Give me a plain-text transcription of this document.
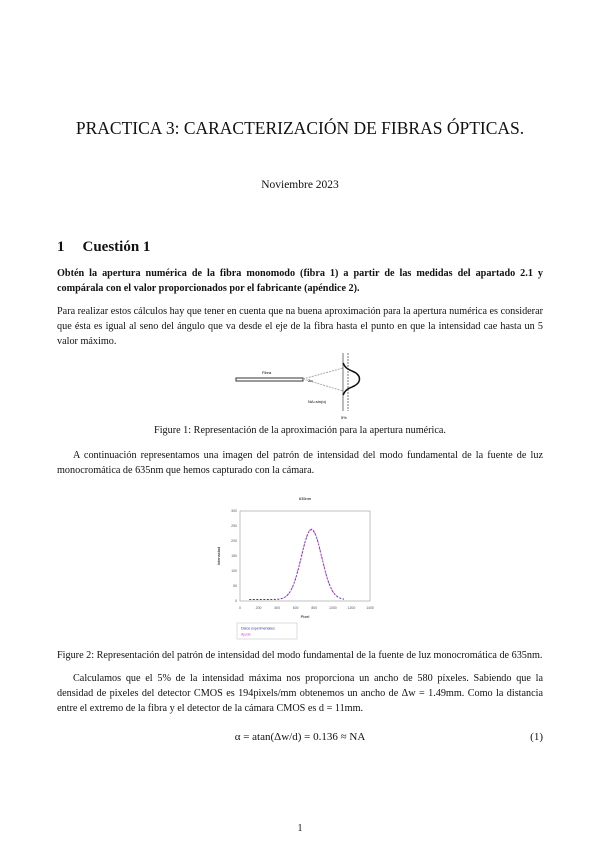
PRACTICA 3: CARACTERIZACIÓN DE FIBRAS ÓPTICAS.
Noviembre 2023
1 Cuestión 1
Obtén la apertura numérica de la fibra monomodo (fibra 1) a partir de las medidas del apartado 2.1 y compárala con el valor proporcionados por el fabricante (apéndice 2).
Para realizar estos cálculos hay que tener en cuenta que na buena aproximación para la apertura numérica es considerar que ésta es igual al seno del ángulo que va desde el eje de la fibra hasta el punto en que la intensidad cae hasta un 5 valor máximo.
Fibra
2α
NA=sin(α)
5%
Figure 1: Representación de la aproximación para la apertura numérica.
A continuación representamos una imagen del patrón de intensidad del modo fundamental de la fuente de luz monocromática de 635nm que hemos capturado con la cámara.
635nm
Pixel
Intensidad
0	200	400	600	800	1000	1200	1400
0
50
100
150
200
250
300
Datos experimentales
Ajuste
Figure 2: Representación del patrón de intensidad del modo fundamental de la fuente de luz monocromática de 635nm.
Calculamos que el 5% de la intensidad máxima nos proporciona un ancho de 580 píxeles. Sabiendo que la densidad de pixeles del detector CMOS es 194pixels/mm obtenemos un ancho de Δw = 1.49mm. Como la distancia entre el extremo de la fibra y el detector de la cámara CMOS es d = 11mm.
α = atan(Δw/d) = 0.136 ≈ NA	(1)
1
